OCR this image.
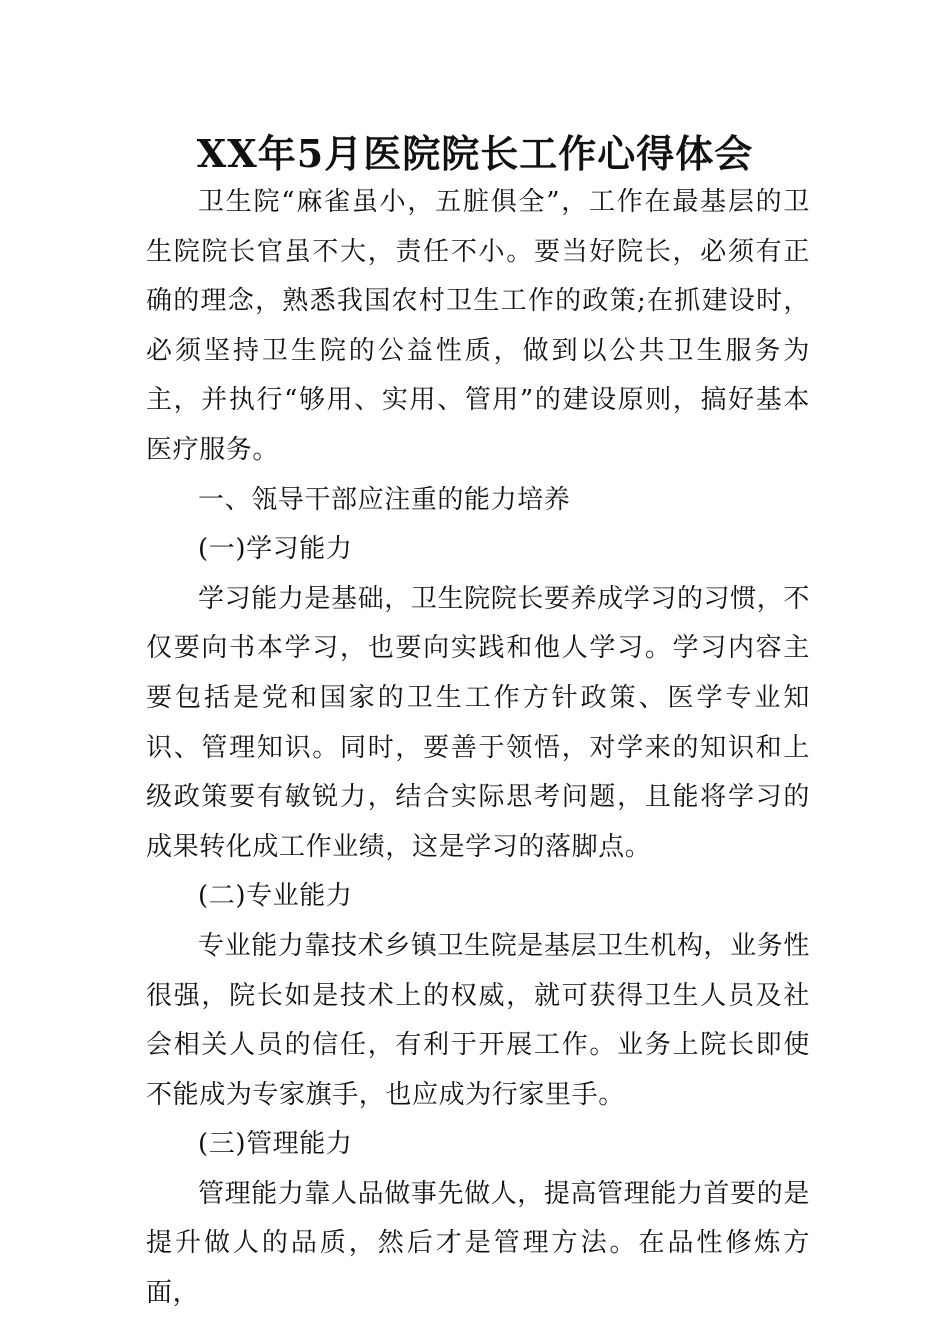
XX年5月医院院长工作心得体会

卫生院“麻雀虽小，五脏俱全”，工作在最基层的卫生院院长官虽不大，责任不小。要当好院长，必须有正确的理念，熟悉我国农村卫生工作的政策;在抓建设时，必须坚持卫生院的公益性质，做到以公共卫生服务为主，并执行“够用、实用、管用”的建设原则，搞好基本医疗服务。

一、瓴导干部应注重的能力培养

(一)学习能力

学习能力是基础，卫生院院长要养成学习的习惯，不仅要向书本学习，也要向实践和他人学习。学习内容主要包括是党和国家的卫生工作方针政策、医学专业知识、管理知识。同时，要善于领悟，对学来的知识和上级政策要有敏锐力，结合实际思考问题，且能将学习的成果转化成工作业绩，这是学习的落脚点。

(二)专业能力

专业能力靠技术乡镇卫生院是基层卫生机构，业务性很强，院长如是技术上的权威，就可获得卫生人员及社会相关人员的信任，有利于开展工作。业务上院长即使不能成为专家旗手，也应成为行家里手。

(三)管理能力

管理能力靠人品做事先做人，提高管理能力首要的是提升做人的品质，然后才是管理方法。在品性修炼方面，
